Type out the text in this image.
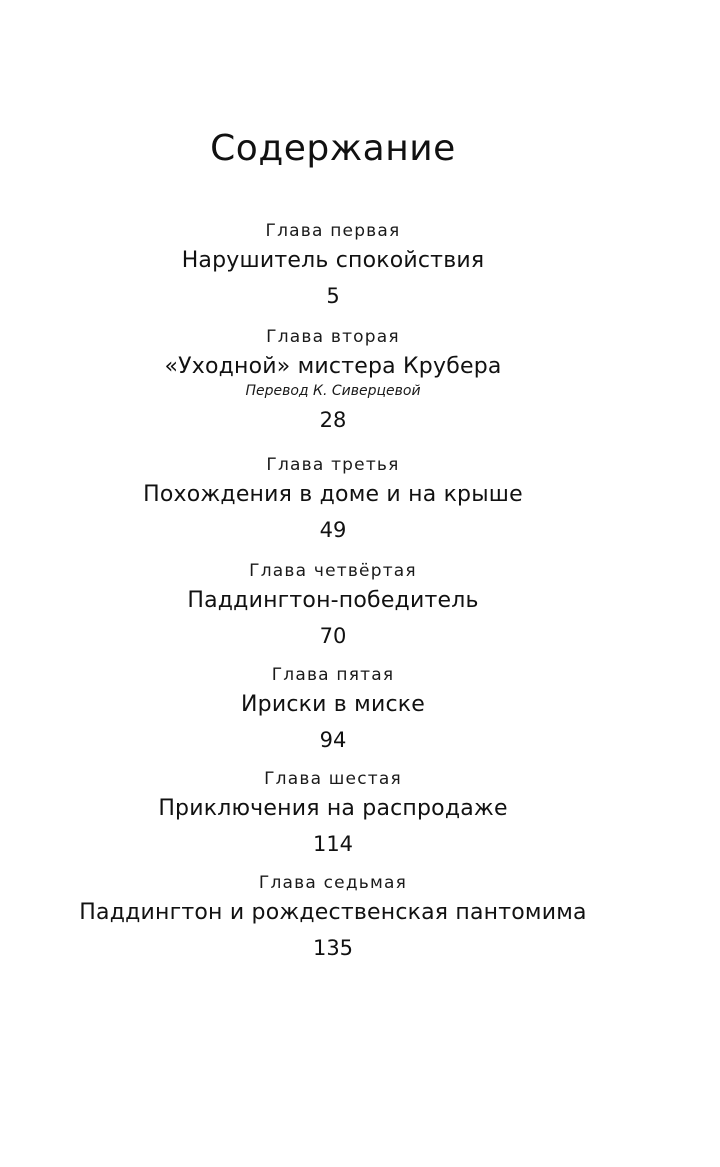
Содержание
Глава первая
Нарушитель спокойствия
5
Глава вторая
«Уходной» мистера Крубера
Перевод К. Сиверцевой
28
Глава третья
Похождения в доме и на крыше
49
Глава четвёртая
Паддингтон-победитель
70
Глава пятая
Ириски в миске
94
Глава шестая
Приключения на распродаже
114
Глава седьмая
Паддингтон и рождественская пантомима
135
